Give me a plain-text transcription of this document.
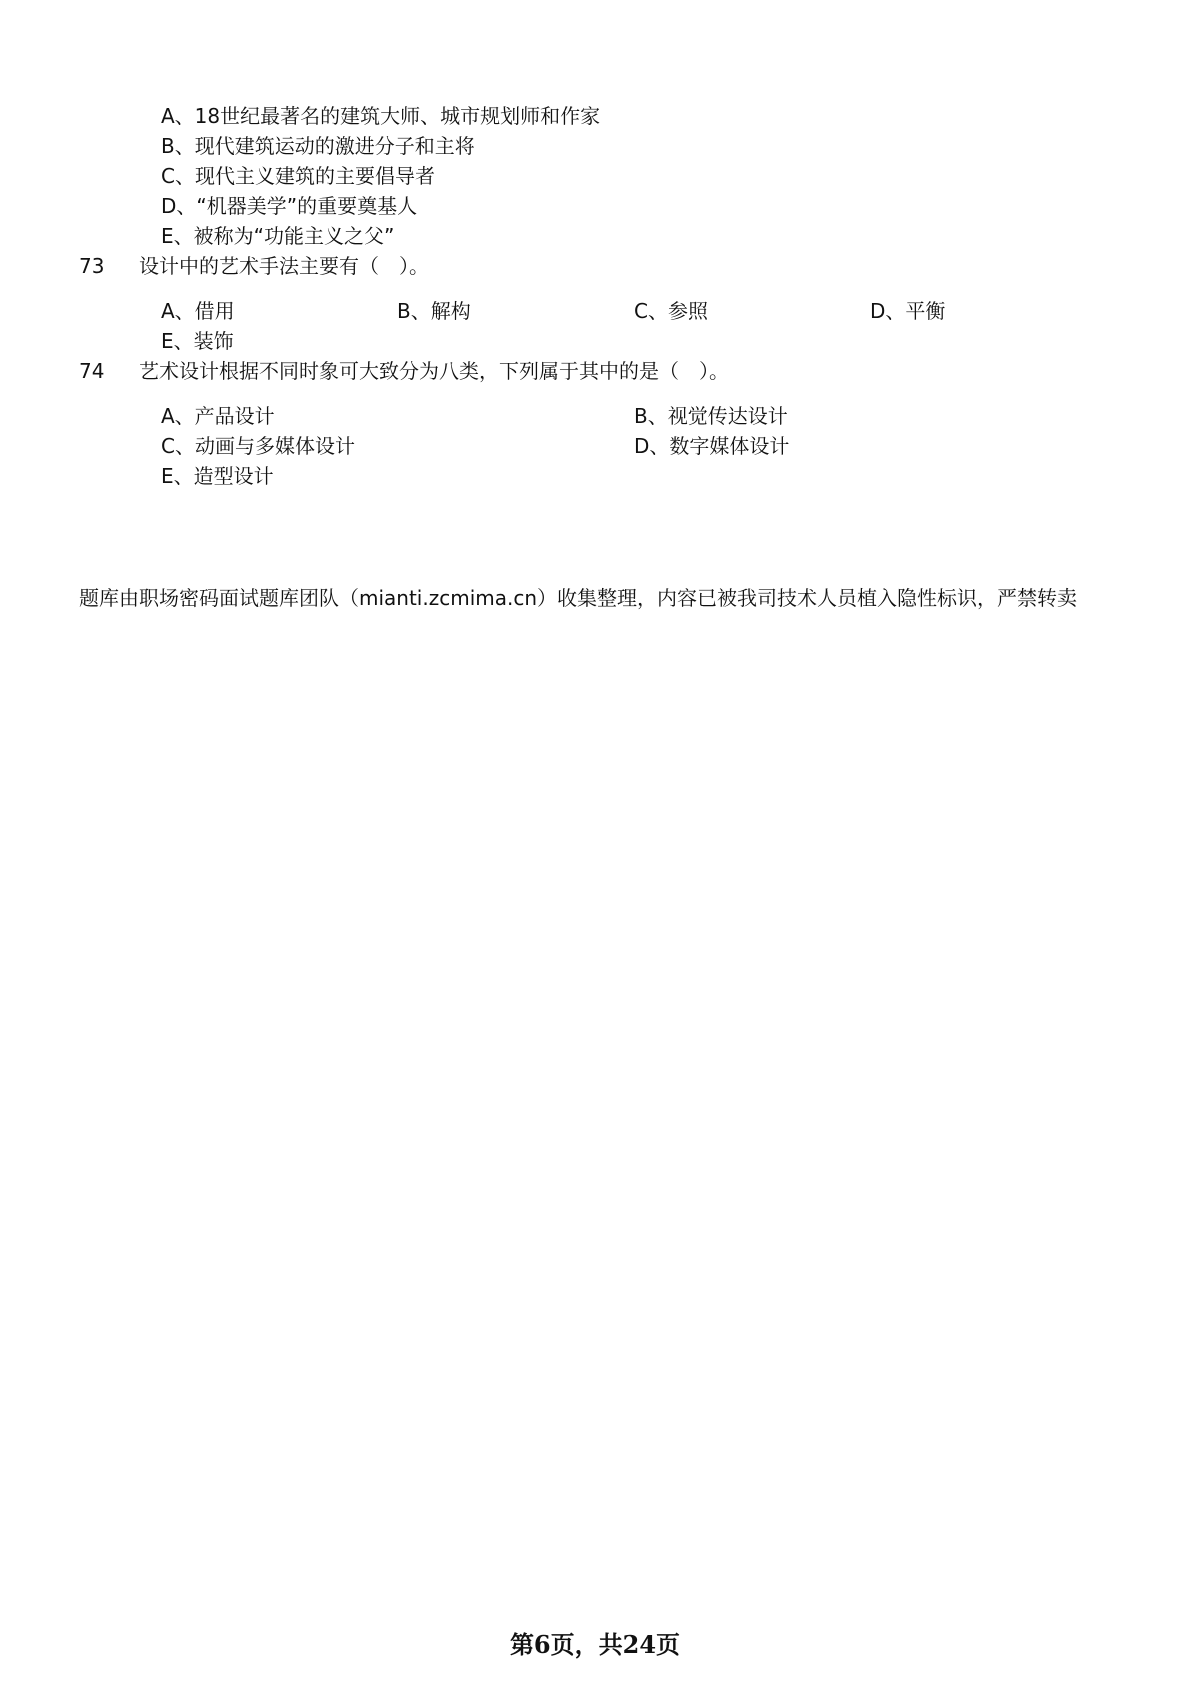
A、18世纪最著名的建筑大师、城市规划师和作家
B、现代建筑运动的激进分子和主将
C、现代主义建筑的主要倡导者
D、“机器美学”的重要奠基人
E、被称为“功能主义之父”
73 设计中的艺术手法主要有（　）。
A、借用	B、解构	C、参照	D、平衡
E、装饰
74 艺术设计根据不同时象可大致分为八类，下列属于其中的是（　）。
A、产品设计	B、视觉传达设计
C、动画与多媒体设计	D、数字媒体设计
E、造型设计
题库由职场密码面试题库团队（mianti.zcmima.cn）收集整理，内容已被我司技术人员植入隐性标识，严禁转卖
第6页，共24页
